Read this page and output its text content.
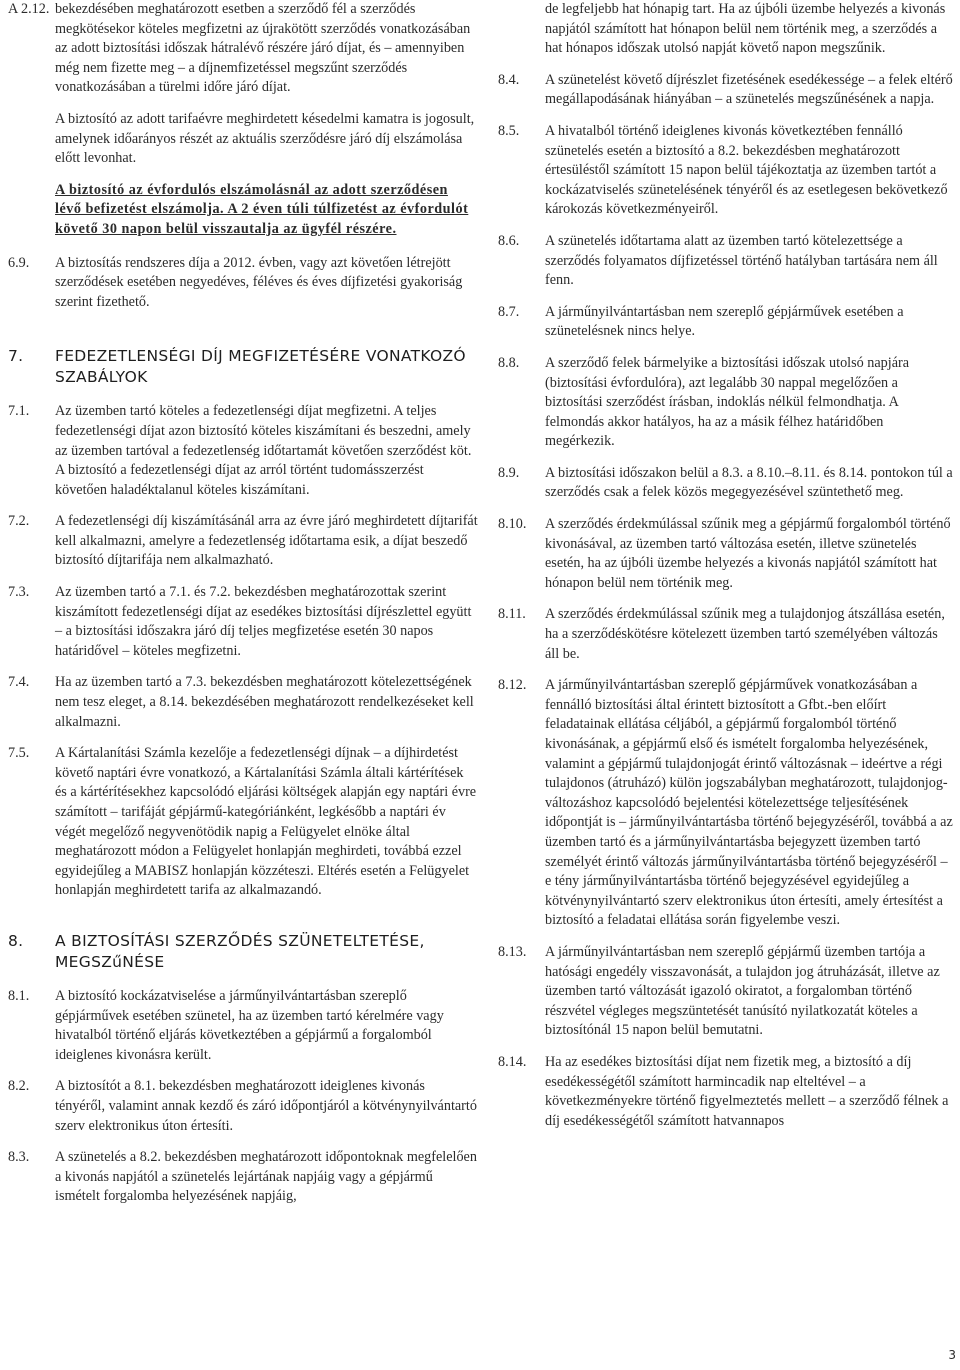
A 2.12. bekezdésében meghatározott esetben a szerződő fél a szerződés megkötésekor köteles megfizetni az újrakötött szerződés vonatkozásában az adott biztosítási időszak hátralévő részére járó díjat, és – amennyiben még nem fizette meg – a díjnemfizetéssel megszűnt szerződés vonatkozásában a türelmi időre járó díjat.
A biztosító az adott tarifaévre meghirdetett késedelmi kamatra is jogosult, amelynek időarányos részét az aktuális szerződésre járó díj elszámolása előtt levonhat.
A biztosító az évfordulós elszámolásnál az adott szerződésen lévő befizetést elszámolja. A 2 éven túli túlfizetést az évfordulót követő 30 napon belül visszautalja az ügyfél részére.
6.9. A biztosítás rendszeres díja a 2012. évben, vagy azt követően létrejött szerződések esetében negyedéves, féléves és éves díjfizetési gyakoriság szerint fizethető.
7. FEDEZETLENSÉGI DÍJ MEGFIZETÉSÉRE VONATKOZÓ SZABÁLYOK
7.1. Az üzemben tartó köteles a fedezetlenségi díjat megfizetni. A teljes fedezetlenségi díjat azon biztosító köteles kiszámítani és beszedni, amely az üzemben tartóval a fedezetlenség időtartamát követően szerződést köt. A biztosító a fedezetlenségi díjat az arról történt tudomásszerzést követően haladéktalanul köteles kiszámítani.
7.2. A fedezetlenségi díj kiszámításánál arra az évre járó meghirdetett díjtarifát kell alkalmazni, amelyre a fedezetlenség időtartama esik, a díjat beszedő biztosító díjtarifája nem alkalmazható.
7.3. Az üzemben tartó a 7.1. és 7.2. bekezdésben meghatározottak szerint kiszámított fedezetlenségi díjat az esedékes biztosítási díjrészlettel együtt – a biztosítási időszakra járó díj teljes megfizetése esetén 30 napos határidővel – köteles megfizetni.
7.4. Ha az üzemben tartó a 7.3. bekezdésben meghatározott kötelezettségének nem tesz eleget, a 8.14. bekezdésében meghatározott rendelkezéseket kell alkalmazni.
7.5. A Kártalanítási Számla kezelője a fedezetlenségi díjnak – a díjhirdetést követő naptári évre vonatkozó, a Kártalanítási Számla általi kártérítések és a kártérítésekhez kapcsolódó eljárási költségek alapján egy naptári évre számított – tarifáját gépjármű-kategóriánként, legkésőbb a naptári év végét megelőző negyvenötödik napig a Felügyelet elnöke által meghatározott módon a Felügyelet honlapján meghirdeti, továbbá ezzel egyidejűleg a MABISZ honlapján közzéteszi. Eltérés esetén a Felügyelet honlapján meghirdetett tarifa az alkalmazandó.
8. A BIZTOSÍTÁSI SZERZŐDÉS SZÜNETELTETÉSE, MEGSZűNÉSE
8.1. A biztosító kockázatviselése a járműnyilvántartásban szereplő gépjárművek esetében szünetel, ha az üzemben tartó kérelmére vagy hivatalból történő eljárás következtében a gépjármű a forgalomból ideiglenes kivonásra került.
8.2. A biztosítót a 8.1. bekezdésben meghatározott ideiglenes kivonás tényéről, valamint annak kezdő és záró időpontjáról a kötvénynyilvántartó szerv elektronikus úton értesíti.
8.3. A szünetelés a 8.2. bekezdésben meghatározott időpontoknak megfelelően a kivonás napjától a szünetelés lejártának napjáig vagy a gépjármű ismételt forgalomba helyezésének napjáig,
de legfeljebb hat hónapig tart. Ha az újbóli üzembe helyezés a kivonás napjától számított hat hónapon belül nem történik meg, a szerződés a hat hónapos időszak utolsó napját követő napon megszűnik.
8.4. A szünetelést követő díjrészlet fizetésének esedékessége – a felek eltérő megállapodásának hiányában – a szünetelés megszűnésének a napja.
8.5. A hivatalból történő ideiglenes kivonás következtében fennálló szünetelés esetén a biztosító a 8.2. bekezdésben meghatározott értesüléstől számított 15 napon belül tájékoztatja az üzemben tartót a kockázatviselés szünetelésének tényéről és az esetlegesen bekövetkező károkozás következményeiről.
8.6. A szünetelés időtartama alatt az üzemben tartó kötelezettsége a szerződés folyamatos díjfizetéssel történő hatályban tartására nem áll fenn.
8.7. A járműnyilvántartásban nem szereplő gépjárművek esetében a szünetelésnek nincs helye.
8.8. A szerződő felek bármelyike a biztosítási időszak utolsó napjára (biztosítási évfordulóra), azt legalább 30 nappal megelőzően a biztosítási szerződést írásban, indoklás nélkül felmondhatja. A felmondás akkor hatályos, ha az a másik félhez határidőben megérkezik.
8.9. A biztosítási időszakon belül a 8.3. a 8.10.–8.11. és 8.14. pontokon túl a szerződés csak a felek közös megegyezésével szüntethető meg.
8.10. A szerződés érdekmúlással szűnik meg a gépjármű forgalomból történő kivonásával, az üzemben tartó változása esetén, illetve szünetelés esetén, ha az újbóli üzembe helyezés a kivonás napjától számított hat hónapon belül nem történik meg.
8.11. A szerződés érdekmúlással szűnik meg a tulajdonjog átszállása esetén, ha a szerződéskötésre kötelezett üzemben tartó személyében változás áll be.
8.12. A járműnyilvántartásban szereplő gépjárművek vonatkozásában a fennálló biztosítási által érintett biztosított a Gfbt.-ben előírt feladatainak ellátása céljából, a gépjármű forgalomból történő kivonásának, a gépjármű első és ismételt forgalomba helyezésének, valamint a gépjármű tulajdonjogát érintő változásnak – ideértve a régi tulajdonos (átruházó) külön jogszabályban meghatározott, tulajdonjog-változáshoz kapcsolódó bejelentési kötelezettsége teljesítésének időpontját is – járműnyilvántartásba történő bejegyzéséről, továbbá a az üzemben tartó és a járműnyilvántartásba bejegyzett üzemben tartó személyét érintő változás járműnyilvántartásba történő bejegyzéséről – e tény járműnyilvántartásba történő bejegyzésével egyidejűleg a kötvénynyilvántartó szerv elektronikus úton értesíti, amely értesítést a biztosító a feladatai ellátása során figyelembe veszi.
8.13. A járműnyilvántartásban nem szereplő gépjármű üzemben tartója a hatósági engedély visszavonását, a tulajdon jog átruházását, illetve az üzemben tartó változását igazoló okiratot, a forgalomban történő részvétel végleges megszüntetését tanúsító nyilatkozatát köteles a biztosítónál 15 napon belül bemutatni.
8.14. Ha az esedékes biztosítási díjat nem fizetik meg, a biztosító a díj esedékességétől számított harmincadik nap elteltével – a következményekre történő figyelmeztetés mellett – a szerződő félnek a díj esedékességétől számított hatvannapos
3
